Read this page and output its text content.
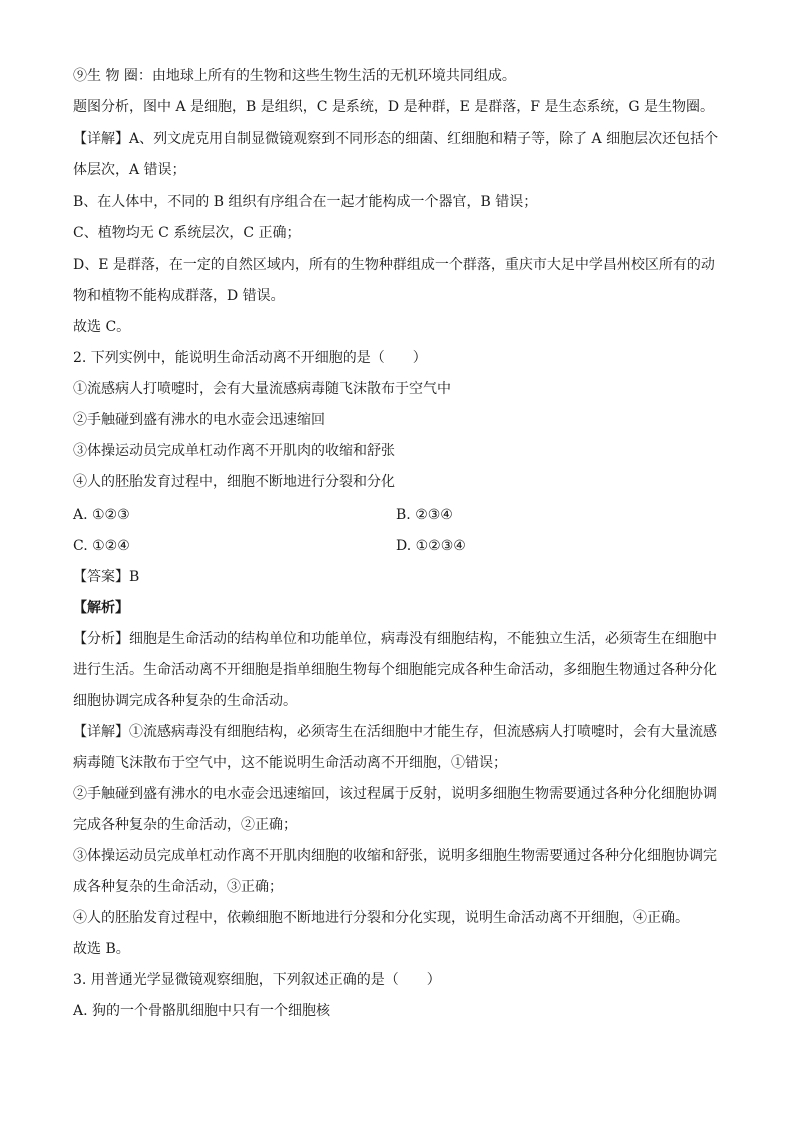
⑨生 物 圈：由地球上所有的生物和这些生物生活的无机环境共同组成。
题图分析，图中 A 是细胞，B 是组织，C 是系统，D 是种群，E 是群落，F 是生态系统，G 是生物圈。
【详解】A、列文虎克用自制显微镜观察到不同形态的细菌、红细胞和精子等，除了 A 细胞层次还包括个
体层次，A 错误；
B、在人体中，不同的 B 组织有序组合在一起才能构成一个器官，B 错误；
C、植物均无 C 系统层次，C 正确；
D、E 是群落，在一定的自然区域内，所有的生物种群组成一个群落，重庆市大足中学昌州校区所有的动
物和植物不能构成群落，D 错误。
故选 C。
2. 下列实例中，能说明生命活动离不开细胞的是（　　）
①流感病人打喷嚏时，会有大量流感病毒随飞沫散布于空气中
②手触碰到盛有沸水的电水壶会迅速缩回
③体操运动员完成单杠动作离不开肌肉的收缩和舒张
④人的胚胎发育过程中，细胞不断地进行分裂和分化
A. ①②③	B. ②③④
C. ①②④	D. ①②③④
【答案】B
【解析】
【分析】细胞是生命活动的结构单位和功能单位，病毒没有细胞结构，不能独立生活，必须寄生在细胞中
进行生活。生命活动离不开细胞是指单细胞生物每个细胞能完成各种生命活动，多细胞生物通过各种分化
细胞协调完成各种复杂的生命活动。
【详解】①流感病毒没有细胞结构，必须寄生在活细胞中才能生存，但流感病人打喷嚏时，会有大量流感
病毒随飞沫散布于空气中，这不能说明生命活动离不开细胞，①错误；
②手触碰到盛有沸水的电水壶会迅速缩回，该过程属于反射，说明多细胞生物需要通过各种分化细胞协调
完成各种复杂的生命活动，②正确；
③体操运动员完成单杠动作离不开肌肉细胞的收缩和舒张，说明多细胞生物需要通过各种分化细胞协调完
成各种复杂的生命活动，③正确；
④人的胚胎发育过程中，依赖细胞不断地进行分裂和分化实现，说明生命活动离不开细胞，④正确。
故选 B。
3. 用普通光学显微镜观察细胞，下列叙述正确的是（　　）
A. 狗的一个骨骼肌细胞中只有一个细胞核
